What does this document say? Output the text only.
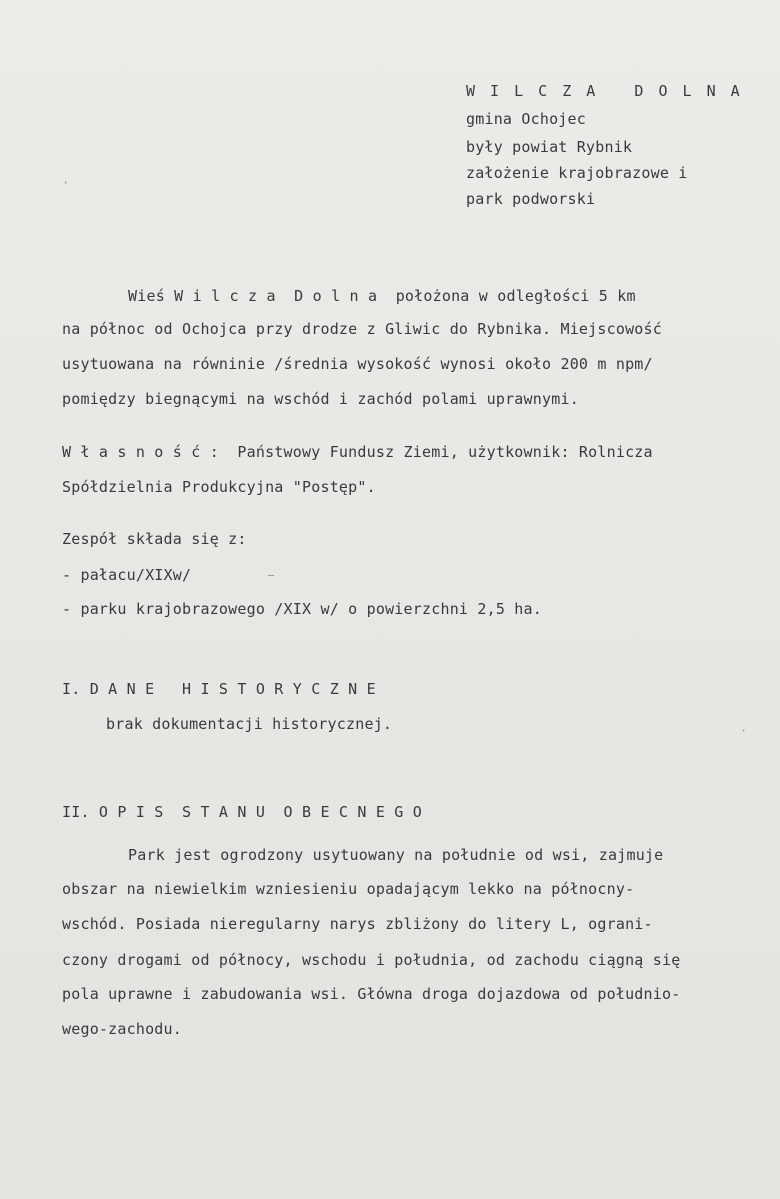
W I L C Z A   D O L N A
gmina Ochojec
były powiat Rybnik
założenie krajobrazowe i
park podworski
Wieś W i l c z a  D o l n a  położona w odległości 5 km
na północ od Ochojca przy drodze z Gliwic do Rybnika. Miejscowość
usytuowana na równinie /średnia wysokość wynosi około 200 m npm/
pomiędzy biegnącymi na wschód i zachód polami uprawnymi.
W ł a s n o ś ć :  Państwowy Fundusz Ziemi, użytkownik: Rolnicza
Spółdzielnia Produkcyjna "Postęp".
Zespół składa się z:
- pałacu/XIXw/
- parku krajobrazowego /XIX w/ o powierzchni 2,5 ha.
I. D A N E   H I S T O R Y C Z N E
brak dokumentacji historycznej.
II. O P I S  S T A N U  O B E C N E G O
Park jest ogrodzony usytuowany na południe od wsi, zajmuje
obszar na niewielkim wzniesieniu opadającym lekko na północny-
wschód. Posiada nieregularny narys zbliżony do litery L, ograni-
czony drogami od północy, wschodu i południa, od zachodu ciągną się
pola uprawne i zabudowania wsi. Główna droga dojazdowa od południo-
wego-zachodu.
·
·
